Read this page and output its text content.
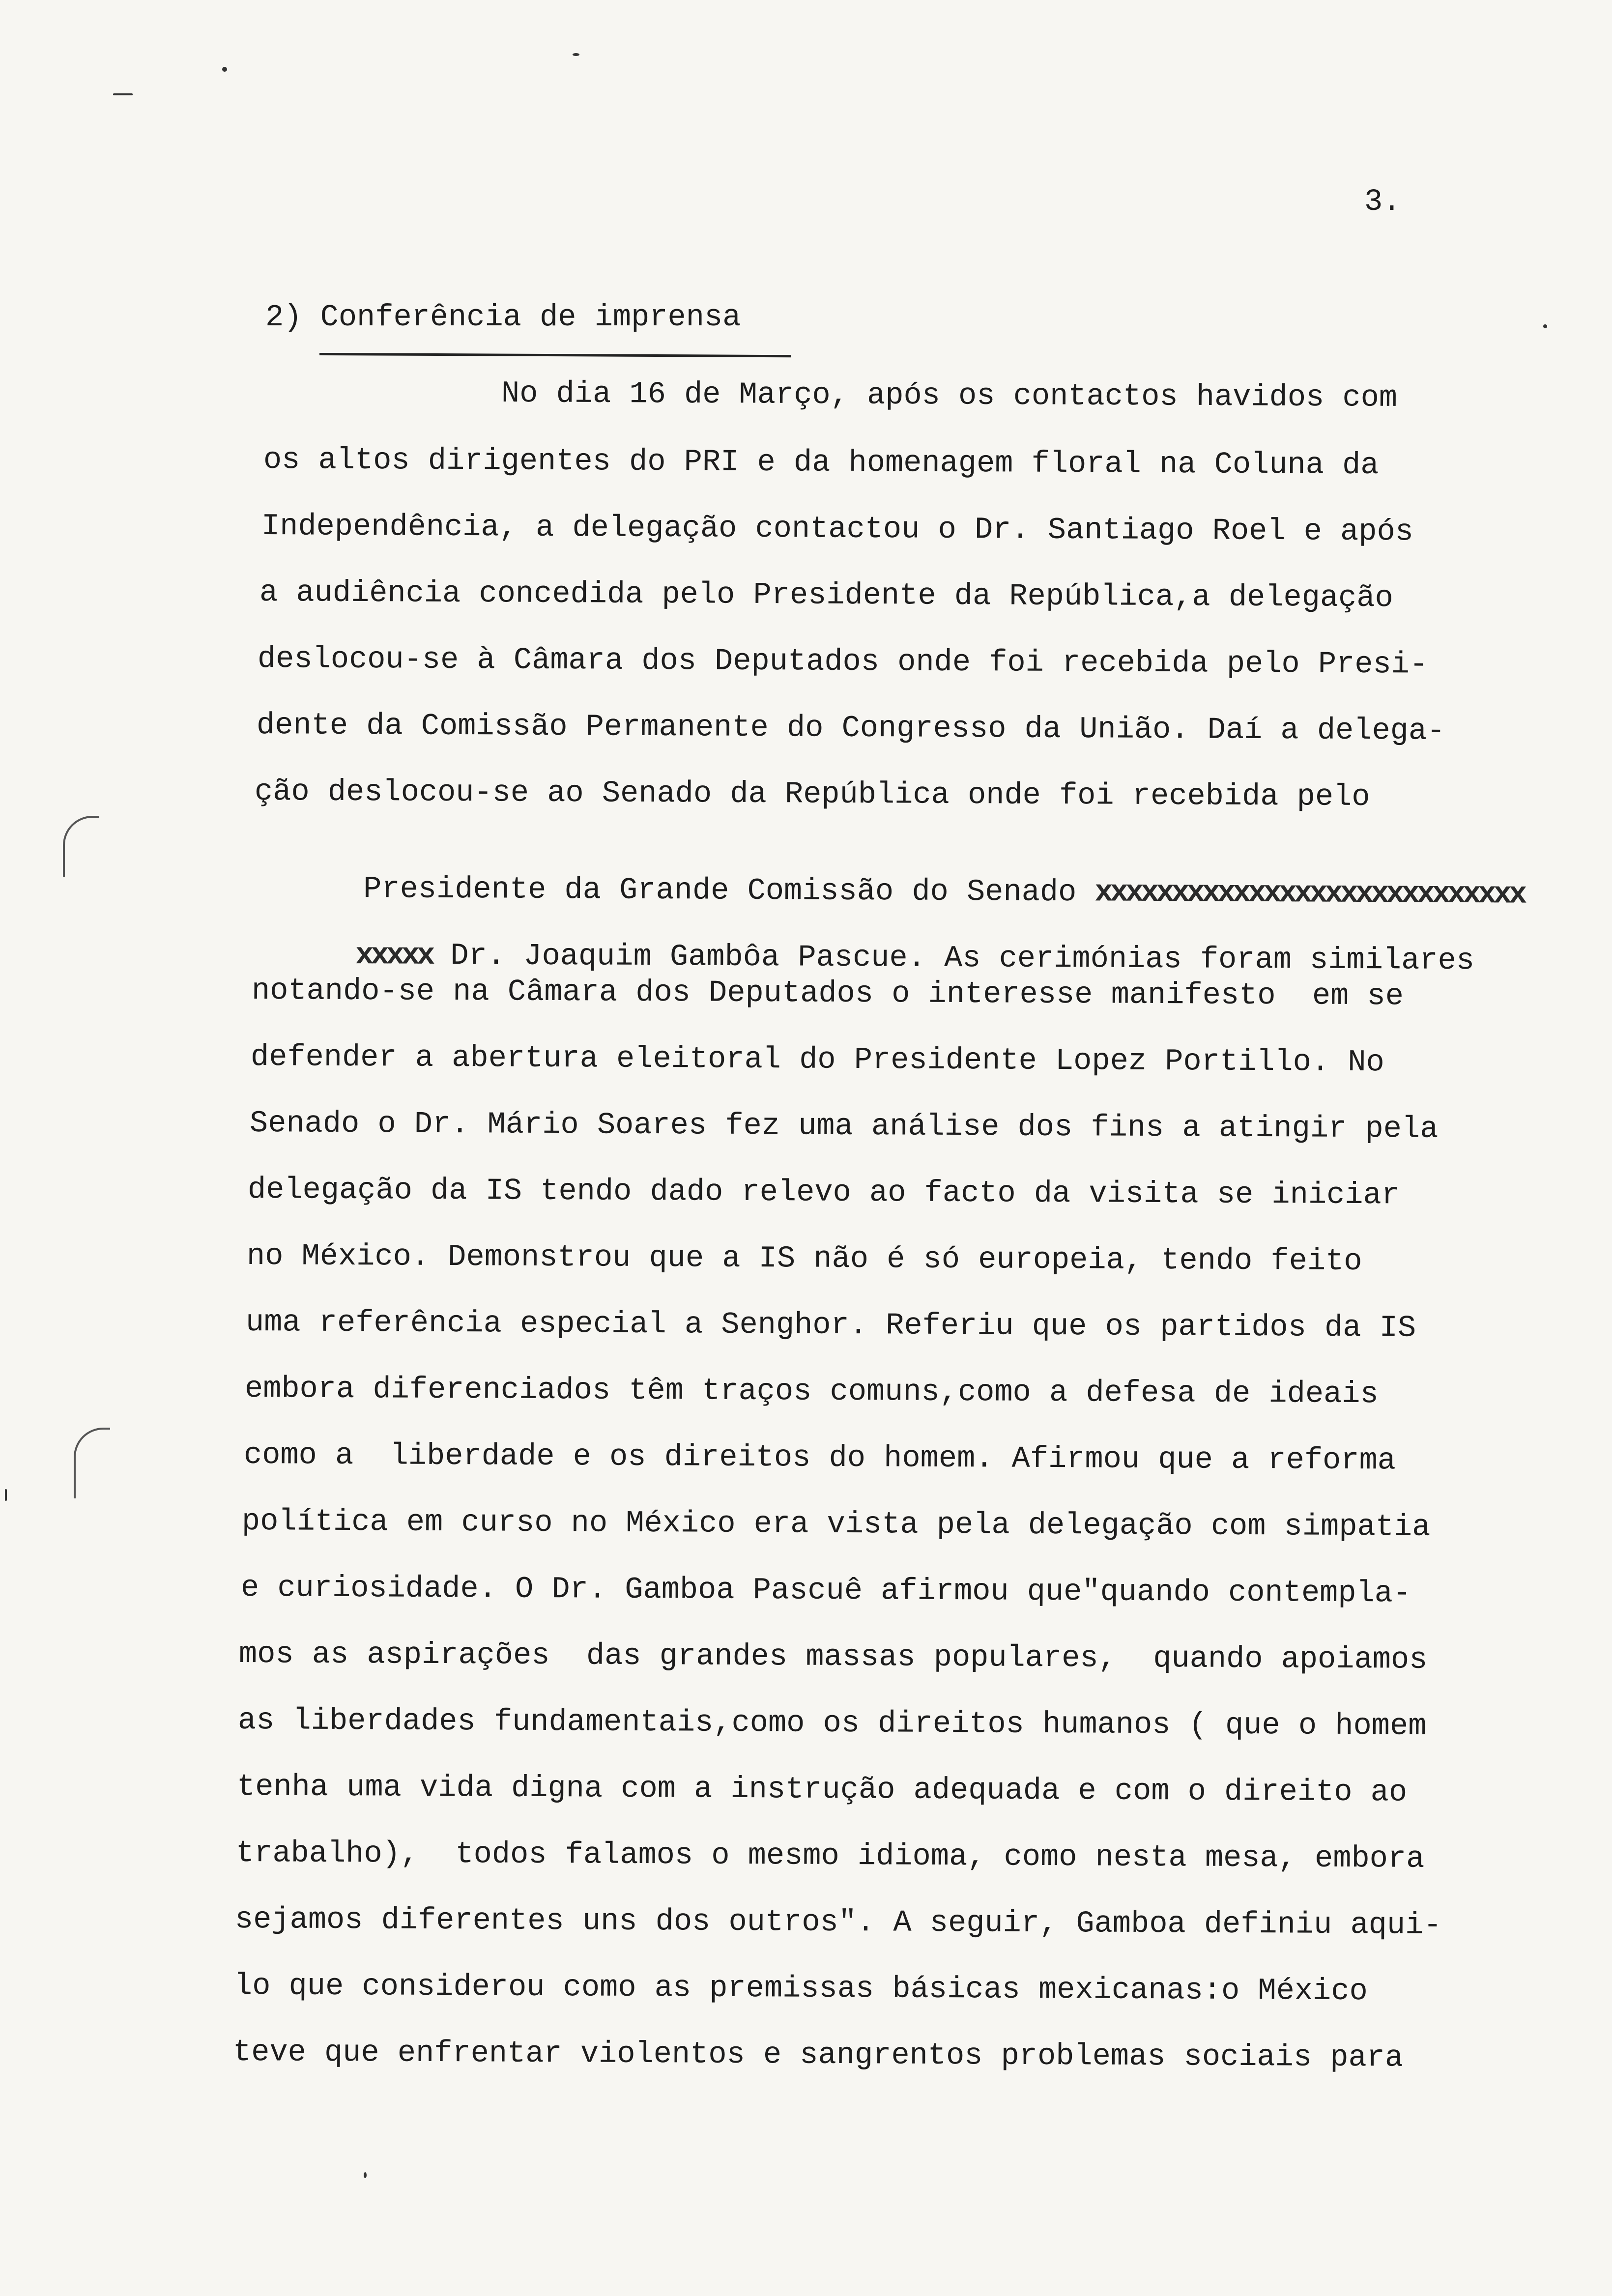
3.
2) Conferência de imprensa
No dia 16 de Março, após os contactos havidos com
os altos dirigentes do PRI e da homenagem floral na Coluna da
Independência, a delegação contactou o Dr. Santiago Roel e após
a audiência concedida pelo Presidente da República,a delegação
deslocou-se à Câmara dos Deputados onde foi recebida pelo Presi-
dente da Comissão Permanente do Congresso da União. Daí a delega-
ção deslocou-se ao Senado da República onde foi recebida pelo

Presidente da Grande Comissão do Senado xxxxxxxxxxxxxxxxxxxxxxxxxxxx

xxxxx Dr. Joaquim Gambôa Pascue. As cerimónias foram similares

notando-se na Câmara dos Deputados o interesse manifesto  em se
defender a abertura eleitoral do Presidente Lopez Portillo. No
Senado o Dr. Mário Soares fez uma análise dos fins a atingir pela
delegação da IS tendo dado relevo ao facto da visita se iniciar
no México. Demonstrou que a IS não é só europeia, tendo feito
uma referência especial a Senghor. Referiu que os partidos da IS
embora diferenciados têm traços comuns,como a defesa de ideais
como a  liberdade e os direitos do homem. Afirmou que a reforma
política em curso no México era vista pela delegação com simpatia
e curiosidade. O Dr. Gamboa Pascuê afirmou que"quando contempla-
mos as aspirações  das grandes massas populares,  quando apoiamos
as liberdades fundamentais,como os direitos humanos ( que o homem
tenha uma vida digna com a instrução adequada e com o direito ao
trabalho),  todos falamos o mesmo idioma, como nesta mesa, embora
sejamos diferentes uns dos outros". A seguir, Gamboa definiu aqui-
lo que considerou como as premissas básicas mexicanas:o México
teve que enfrentar violentos e sangrentos problemas sociais para
